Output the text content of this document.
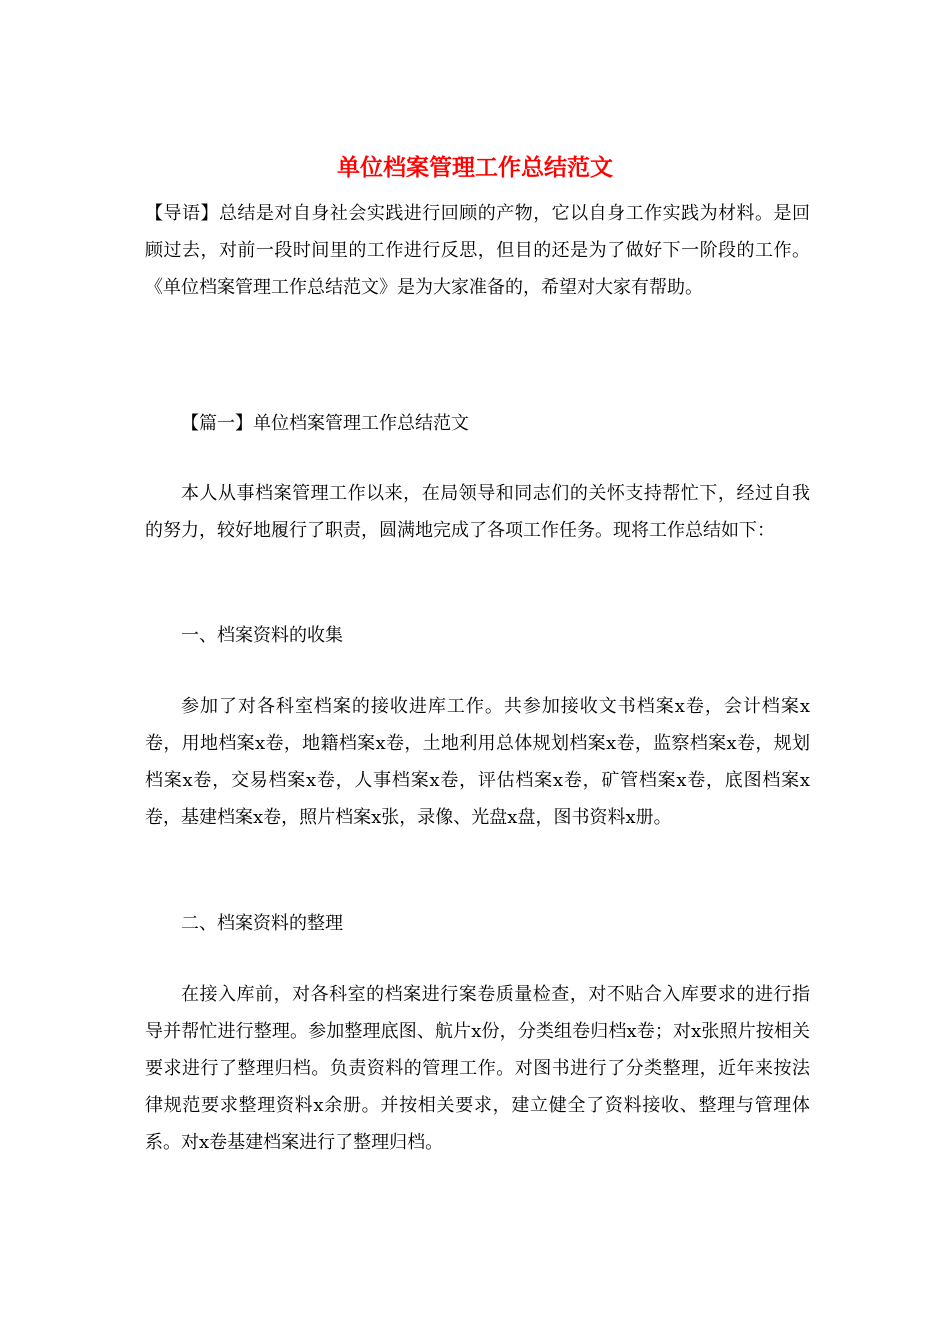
单位档案管理工作总结范文

【导语】总结是对自身社会实践进行回顾的产物，它以自身工作实践为材料。是回顾过去，对前一段时间里的工作进行反思，但目的还是为了做好下一阶段的工作。《单位档案管理工作总结范文》是为大家准备的，希望对大家有帮助。

【篇一】单位档案管理工作总结范文

本人从事档案管理工作以来，在局领导和同志们的关怀支持帮忙下，经过自我的努力，较好地履行了职责，圆满地完成了各项工作任务。现将工作总结如下：

一、档案资料的收集

参加了对各科室档案的接收进库工作。共参加接收文书档案x卷，会计档案x卷，用地档案x卷，地籍档案x卷，土地利用总体规划档案x卷，监察档案x卷，规划档案x卷，交易档案x卷，人事档案x卷，评估档案x卷，矿管档案x卷，底图档案x卷，基建档案x卷，照片档案x张，录像、光盘x盘，图书资料x册。

二、档案资料的整理

在接入库前，对各科室的档案进行案卷质量检查，对不贴合入库要求的进行指导并帮忙进行整理。参加整理底图、航片x份，分类组卷归档x卷；对x张照片按相关要求进行了整理归档。负责资料的管理工作。对图书进行了分类整理，近年来按法律规范要求整理资料x余册。并按相关要求，建立健全了资料接收、整理与管理体系。对x卷基建档案进行了整理归档。
